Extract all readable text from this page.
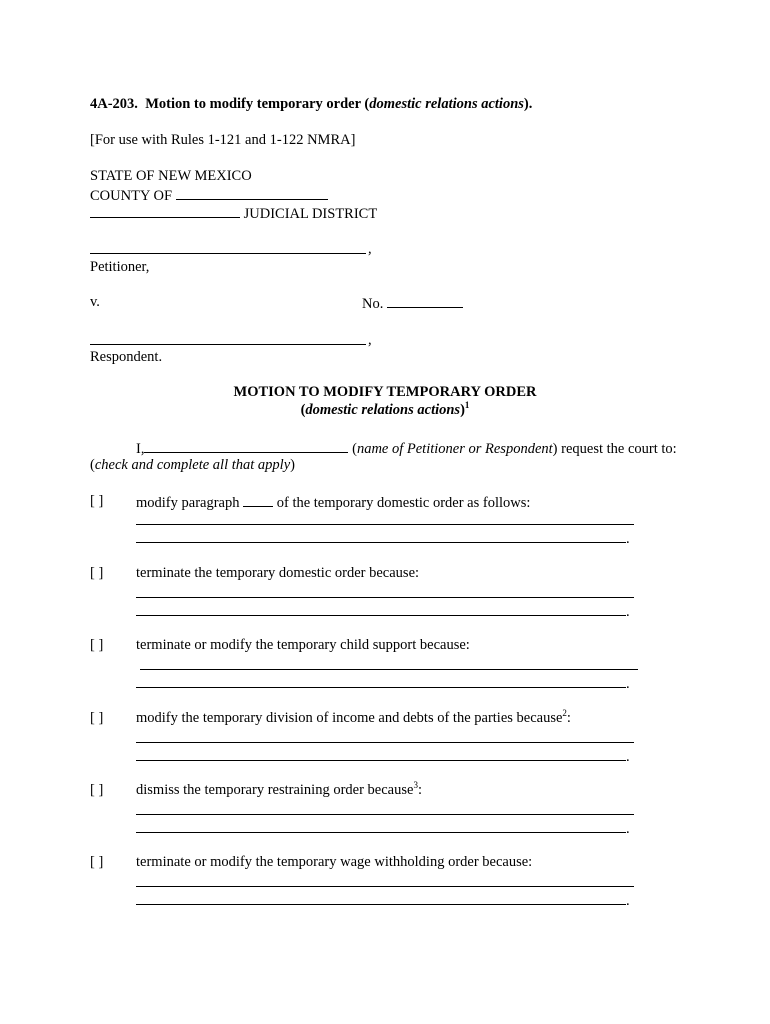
4A-203. Motion to modify temporary order (domestic relations actions).
[For use with Rules 1-121 and 1-122 NMRA]
STATE OF NEW MEXICO
COUNTY OF
JUDICIAL DISTRICT
,
Petitioner,
v.	No.
,
Respondent.
MOTION TO MODIFY TEMPORARY ORDER
(domestic relations actions)$^1$
I,	(name of Petitioner or Respondent) request the court to:
(check and complete all that apply)
[ ] modify paragraph	of the temporary domestic order as follows:
.
[ ] terminate the temporary domestic order because:
.
[ ] terminate or modify the temporary child support because:
.
[ ] modify the temporary division of income and debts of the parties because$^2$:
.
[ ] dismiss the temporary restraining order because$^3$:
.
[ ] terminate or modify the temporary wage withholding order because:
.
